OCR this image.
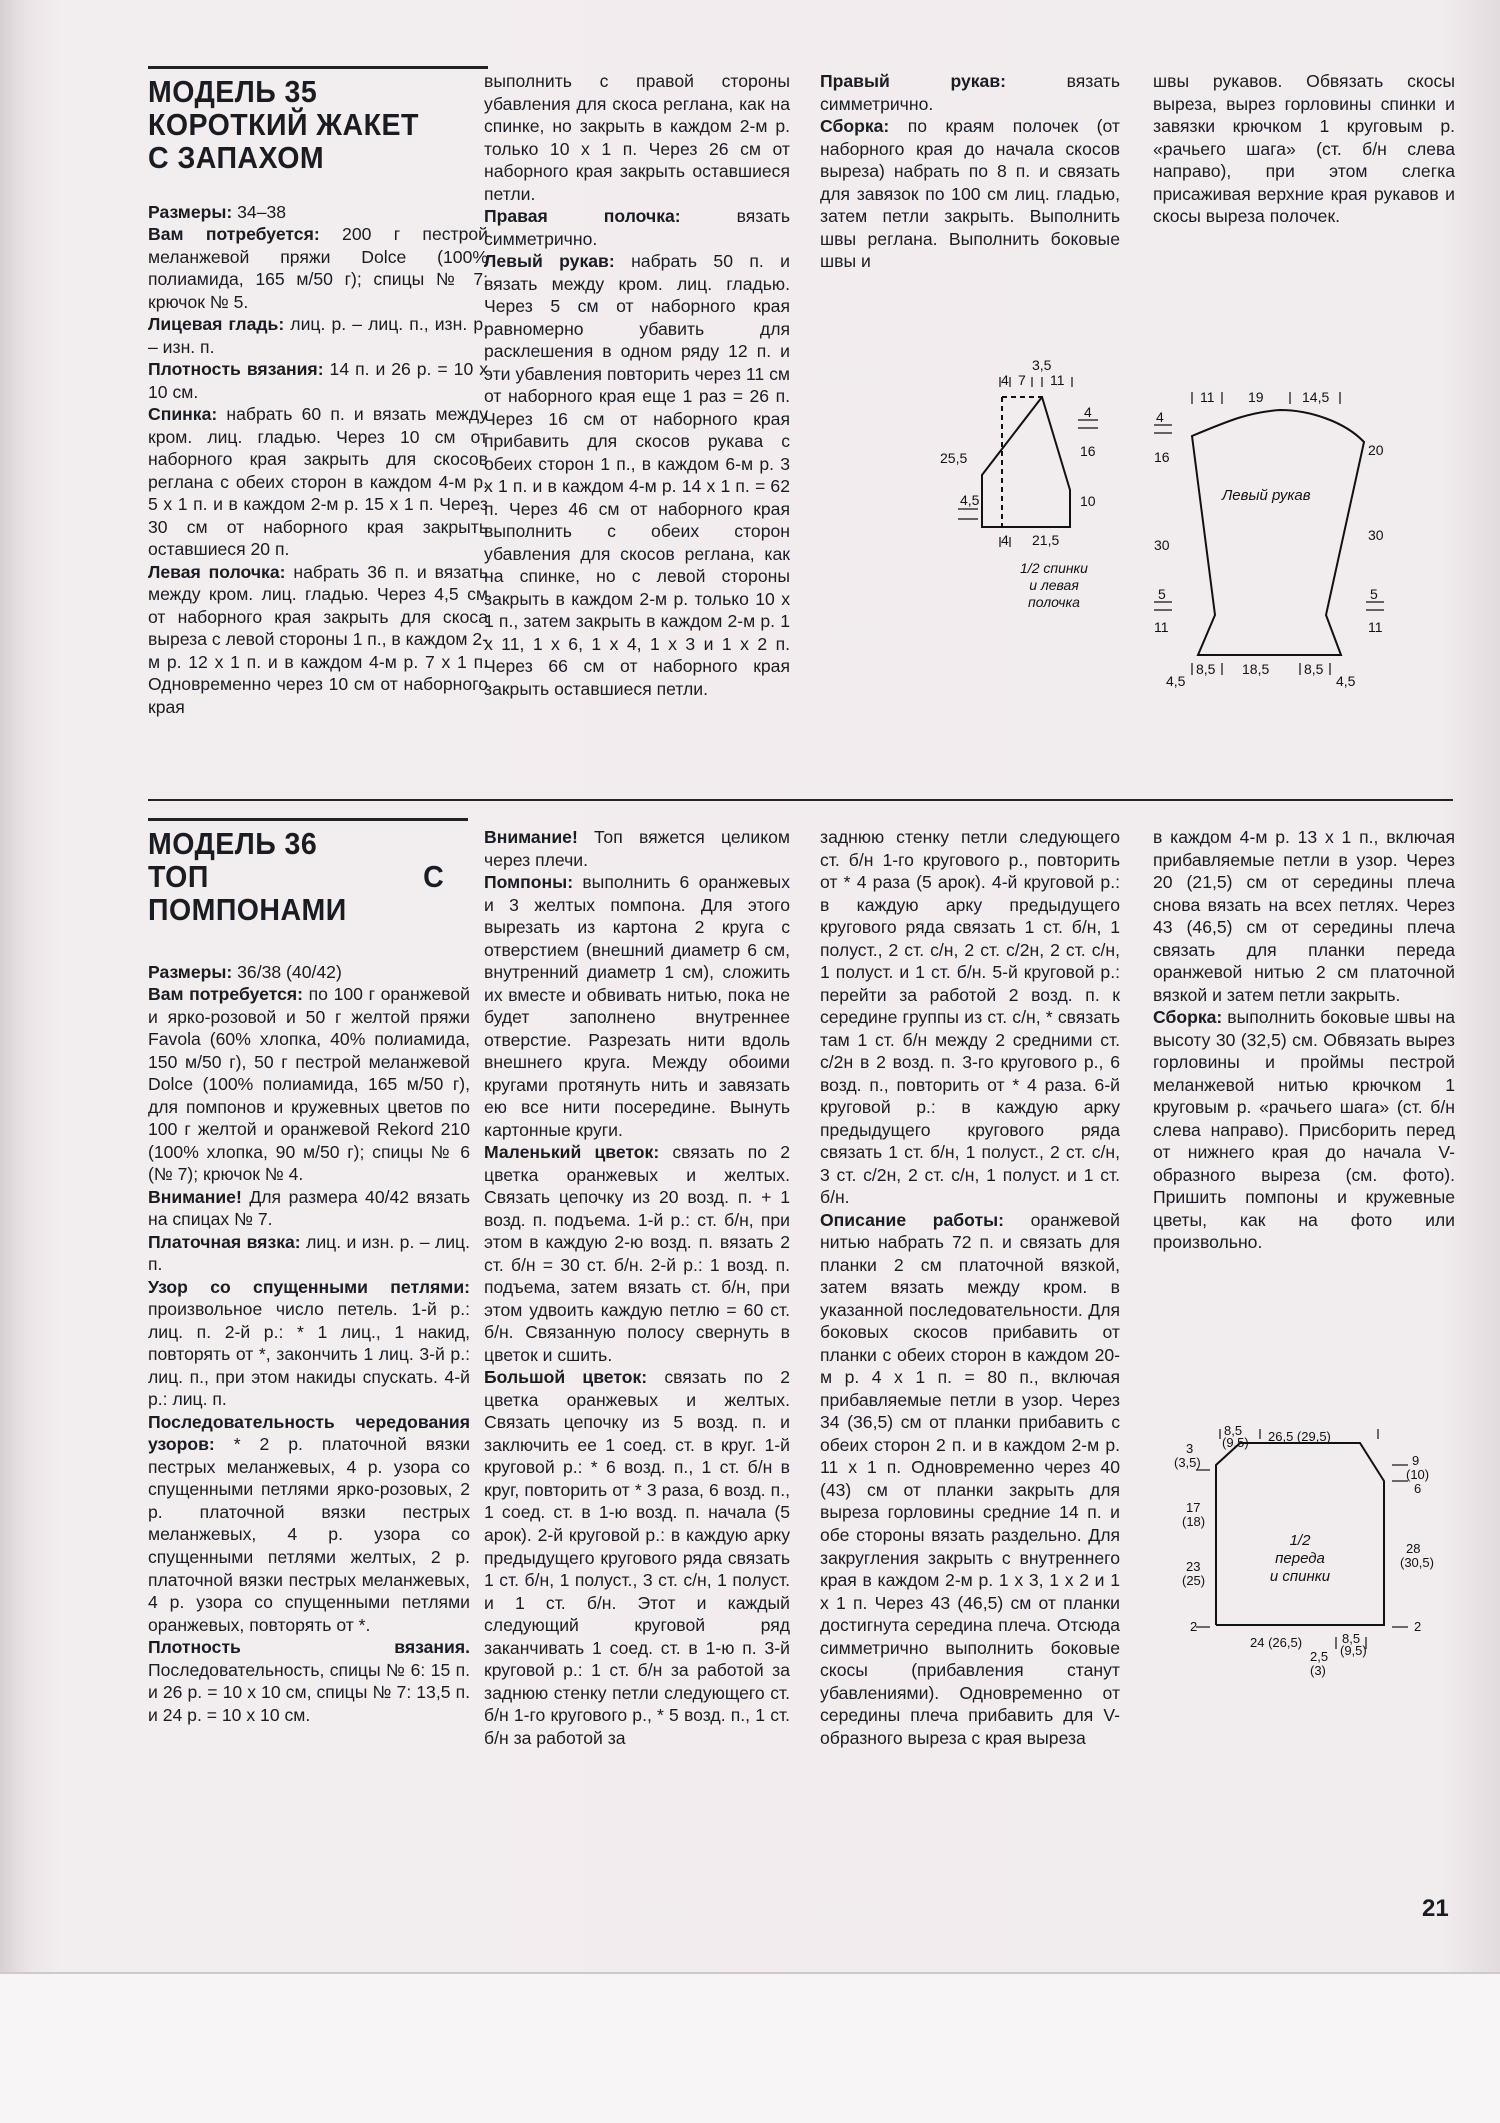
МОДЕЛЬ 35
КОРОТКИЙ ЖАКЕТ
С ЗАПАХОМ

Размеры: 34–38

Вам потребуется: 200 г пестрой меланжевой пряжи Dolce (100% полиамида, 165 м/50 г); спицы № 7; крючок № 5.

Лицевая гладь: лиц. р. – лиц. п., изн. р. – изн. п.

Плотность вязания: 14 п. и 26 р. = 10 х 10 см.

Спинка: набрать 60 п. и вязать между кром. лиц. гладью. Через 10 см от наборного края закрыть для скосов реглана с обеих сторон в каждом 4-м р. 5 х 1 п. и в каждом 2-м р. 15 х 1 п. Через 30 см от наборного края закрыть оставшиеся 20 п.

Левая полочка: набрать 36 п. и вязать между кром. лиц. гладью. Через 4,5 см от наборного края закрыть для скоса выреза с левой стороны 1 п., в каждом 2-м р. 12 х 1 п. и в каждом 4-м р. 7 х 1 п. Одновременно через 10 см от наборного края

выполнить с правой стороны убавления для скоса реглана, как на спинке, но закрыть в каждом 2-м р. только 10 х 1 п. Через 26 см от наборного края закрыть оставшиеся петли.

Правая полочка: вязать симметрично.

Левый рукав: набрать 50 п. и вязать между кром. лиц. гладью. Через 5 см от наборного края равномерно убавить для расклешения в одном ряду 12 п. и эти убавления повторить через 11 см от наборного края еще 1 раз = 26 п. Через 16 см от наборного края прибавить для скосов рукава с обеих сторон 1 п., в каждом 6-м р. 3 х 1 п. и в каждом 4-м р. 14 х 1 п. = 62 п. Через 46 см от наборного края выполнить с обеих сторон убавления для скосов реглана, как на спинке, но с левой стороны закрыть в каждом 2-м р. только 10 х 1 п., затем закрыть в каждом 2-м р. 1 х 11, 1 х 6, 1 х 4, 1 х 3 и 1 х 2 п. Через 66 см от наборного края закрыть оставшиеся петли.

Правый рукав: вязать симметрично.

Сборка: по краям полочек (от наборного края до начала скосов выреза) набрать по 8 п. и связать для завязок по 100 см лиц. гладью, затем петли закрыть. Выполнить швы реглана. Выполнить боковые швы и

швы рукавов. Обвязать скосы выреза, вырез горловины спинки и завязки крючком 1 круговым р. «рачьего шага» (ст. б/н слева направо), при этом слегка присаживая верхние края рукавов и скосы выреза полочек.

3,5
4 7 11
25,5
4,5
4
16
10
4 21,5
1/2 спинки
и левая
полочка
11 19	14,5
4
16
30
5
11
20
30
5
11
4,5
8,5 18,5 8,5
4,5
Левый рукав
МОДЕЛЬ 36
ТОП С ПОМПОНАМИ

Размеры: 36/38 (40/42)

Вам потребуется: по 100 г оранжевой и ярко-розовой и 50 г желтой пряжи Favola (60% хлопка, 40% полиамида, 150 м/50 г), 50 г пестрой меланжевой Dolce (100% полиамида, 165 м/50 г), для помпонов и кружевных цветов по 100 г желтой и оранжевой Rekord 210 (100% хлопка, 90 м/50 г); спицы № 6 (№ 7); крючок № 4.

Внимание! Для размера 40/42 вязать на спицах № 7.

Платочная вязка: лиц. и изн. р. – лиц. п.

Узор со спущенными петлями: произвольное число петель. 1-й р.: лиц. п. 2-й р.: * 1 лиц., 1 накид, повторять от *, закончить 1 лиц. 3-й р.: лиц. п., при этом накиды спускать. 4-й р.: лиц. п.

Последовательность чередования узоров: * 2 р. платочной вязки пестрых меланжевых, 4 р. узора со спущенными петлями ярко-розовых, 2 р. платочной вязки пестрых меланжевых, 4 р. узора со спущенными петлями желтых, 2 р. платочной вязки пестрых меланжевых, 4 р. узора со спущенными петлями оранжевых, повторять от *.

Плотность вязания. Последовательность, спицы № 6: 15 п. и 26 р. = 10 х 10 см, спицы № 7: 13,5 п. и 24 р. = 10 х 10 см.

Внимание! Топ вяжется целиком через плечи.

Помпоны: выполнить 6 оранжевых и 3 желтых помпона. Для этого вырезать из картона 2 круга с отверстием (внешний диаметр 6 см, внутренний диаметр 1 см), сложить их вместе и обвивать нитью, пока не будет заполнено внутреннее отверстие. Разрезать нити вдоль внешнего круга. Между обоими кругами протянуть нить и завязать ею все нити посередине. Вынуть картонные круги.

Маленький цветок: связать по 2 цветка оранжевых и желтых. Связать цепочку из 20 возд. п. + 1 возд. п. подъема. 1-й р.: ст. б/н, при этом в каждую 2-ю возд. п. вязать 2 ст. б/н = 30 ст. б/н. 2-й р.: 1 возд. п. подъема, затем вязать ст. б/н, при этом удвоить каждую петлю = 60 ст. б/н. Связанную полосу свернуть в цветок и сшить.

Большой цветок: связать по 2 цветка оранжевых и желтых. Связать цепочку из 5 возд. п. и заключить ее 1 соед. ст. в круг. 1-й круговой р.: * 6 возд. п., 1 ст. б/н в круг, повторить от * 3 раза, 6 возд. п., 1 соед. ст. в 1-ю возд. п. начала (5 арок). 2-й круговой р.: в каждую арку предыдущего кругового ряда связать 1 ст. б/н, 1 полуст., 3 ст. с/н, 1 полуст. и 1 ст. б/н. Этот и каждый следующий круговой ряд заканчивать 1 соед. ст. в 1-ю п. 3-й круговой р.: 1 ст. б/н за работой за заднюю стенку петли следующего ст. б/н 1-го кругового р., * 5 возд. п., 1 ст. б/н за работой за

заднюю стенку петли следующего ст. б/н 1-го кругового р., повторить от * 4 раза (5 арок). 4-й круговой р.: в каждую арку предыдущего кругового ряда связать 1 ст. б/н, 1 полуст., 2 ст. с/н, 2 ст. с/2н, 2 ст. с/н, 1 полуст. и 1 ст. б/н. 5-й круговой р.: перейти за работой 2 возд. п. к середине группы из ст. с/н, * связать там 1 ст. б/н между 2 средними ст. с/2н в 2 возд. п. 3-го кругового р., 6 возд. п., повторить от * 4 раза. 6-й круговой р.: в каждую арку предыдущего кругового ряда связать 1 ст. б/н, 1 полуст., 2 ст. с/н, 3 ст. с/2н, 2 ст. с/н, 1 полуст. и 1 ст. б/н.

Описание работы: оранжевой нитью набрать 72 п. и связать для планки 2 см платочной вязкой, затем вязать между кром. в указанной последовательности. Для боковых скосов прибавить от планки с обеих сторон в каждом 20-м р. 4 х 1 п. = 80 п., включая прибавляемые петли в узор. Через 34 (36,5) см от планки прибавить с обеих сторон 2 п. и в каждом 2-м р. 11 х 1 п. Одновременно через 40 (43) см от планки закрыть для выреза горловины средние 14 п. и обе стороны вязать раздельно. Для закругления закрыть с внутреннего края в каждом 2-м р. 1 х 3, 1 х 2 и 1 х 1 п. Через 43 (46,5) см от планки достигнута середина плеча. Отсюда симметрично выполнить боковые скосы (прибавления станут убавлениями). Одновременно от середины плеча прибавить для V-образного выреза с края выреза

в каждом 4-м р. 13 х 1 п., включая прибавляемые петли в узор. Через 20 (21,5) см от середины плеча снова вязать на всех петлях. Через 43 (46,5) см от середины плеча связать для планки переда оранжевой нитью 2 см платочной вязкой и затем петли закрыть.

Сборка: выполнить боковые швы на высоту 30 (32,5) см. Обвязать вырез горловины и проймы пестрой меланжевой нитью крючком 1 круговым р. «рачьего шага» (ст. б/н слева направо). Присборить перед от нижнего края до начала V-образного выреза (см. фото). Пришить помпоны и кружевные цветы, как на фото или произвольно.

8,5
(9,5) 26,5 (29,5)
3
(3,5)
17
(18)
23
(25)
2
9
(10)
6
28
(30,5)
2
24 (26,5)	8,5
(9,5)
2,5
(3)
1/2
переда
и спинки
21
